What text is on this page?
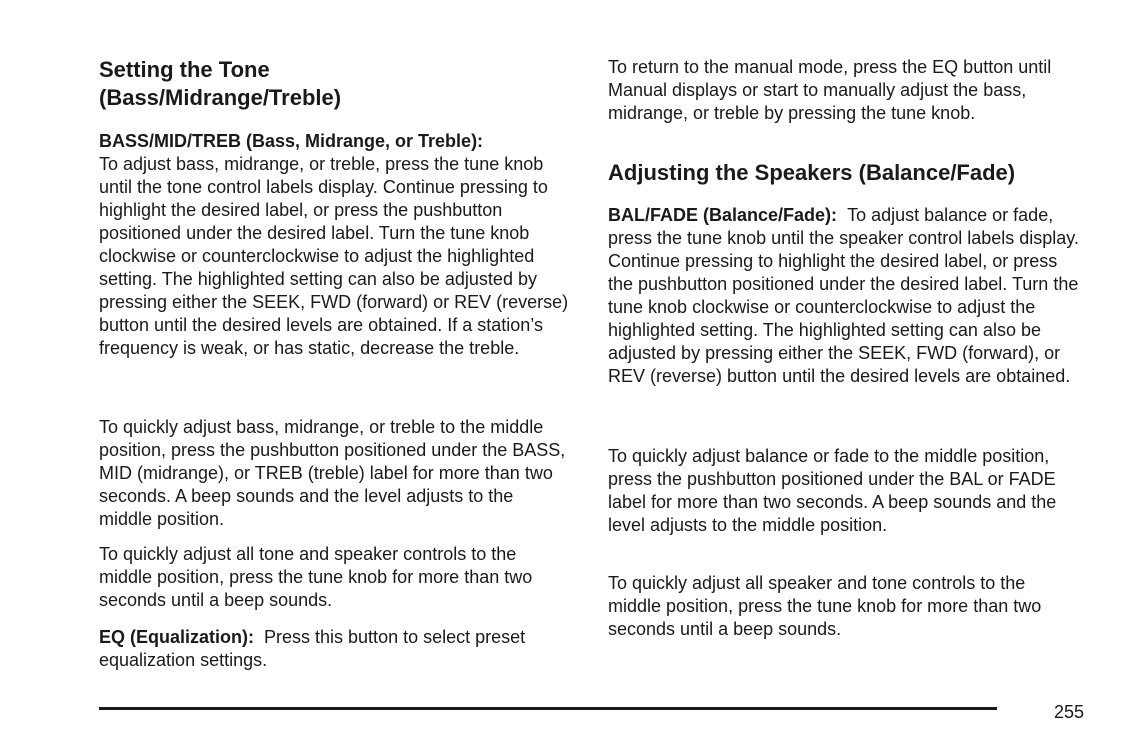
Setting the Tone
(Bass/Midrange/Treble)

BASS/MID/TREB (Bass, Midrange, or Treble):
To adjust bass, midrange, or treble, press the tune knob until the tone control labels display. Continue pressing to highlight the desired label, or press the pushbutton positioned under the desired label. Turn the tune knob clockwise or counterclockwise to adjust the highlighted setting. The highlighted setting can also be adjusted by pressing either the SEEK, FWD (forward) or REV (reverse) button until the desired levels are obtained. If a station’s frequency is weak, or has static, decrease the treble.

To quickly adjust bass, midrange, or treble to the middle position, press the pushbutton positioned under the BASS, MID (midrange), or TREB (treble) label for more than two seconds. A beep sounds and the level adjusts to the middle position.

To quickly adjust all tone and speaker controls to the middle position, press the tune knob for more than two seconds until a beep sounds.

EQ (Equalization): Press this button to select preset equalization settings.

To return to the manual mode, press the EQ button until Manual displays or start to manually adjust the bass, midrange, or treble by pressing the tune knob.

Adjusting the Speakers (Balance/Fade)

BAL/FADE (Balance/Fade): To adjust balance or fade, press the tune knob until the speaker control labels display. Continue pressing to highlight the desired label, or press the pushbutton positioned under the desired label. Turn the tune knob clockwise or counterclockwise to adjust the highlighted setting. The highlighted setting can also be adjusted by pressing either the SEEK, FWD (forward), or REV (reverse) button until the desired levels are obtained.

To quickly adjust balance or fade to the middle position, press the pushbutton positioned under the BAL or FADE label for more than two seconds. A beep sounds and the level adjusts to the middle position.

To quickly adjust all speaker and tone controls to the middle position, press the tune knob for more than two seconds until a beep sounds.

255
